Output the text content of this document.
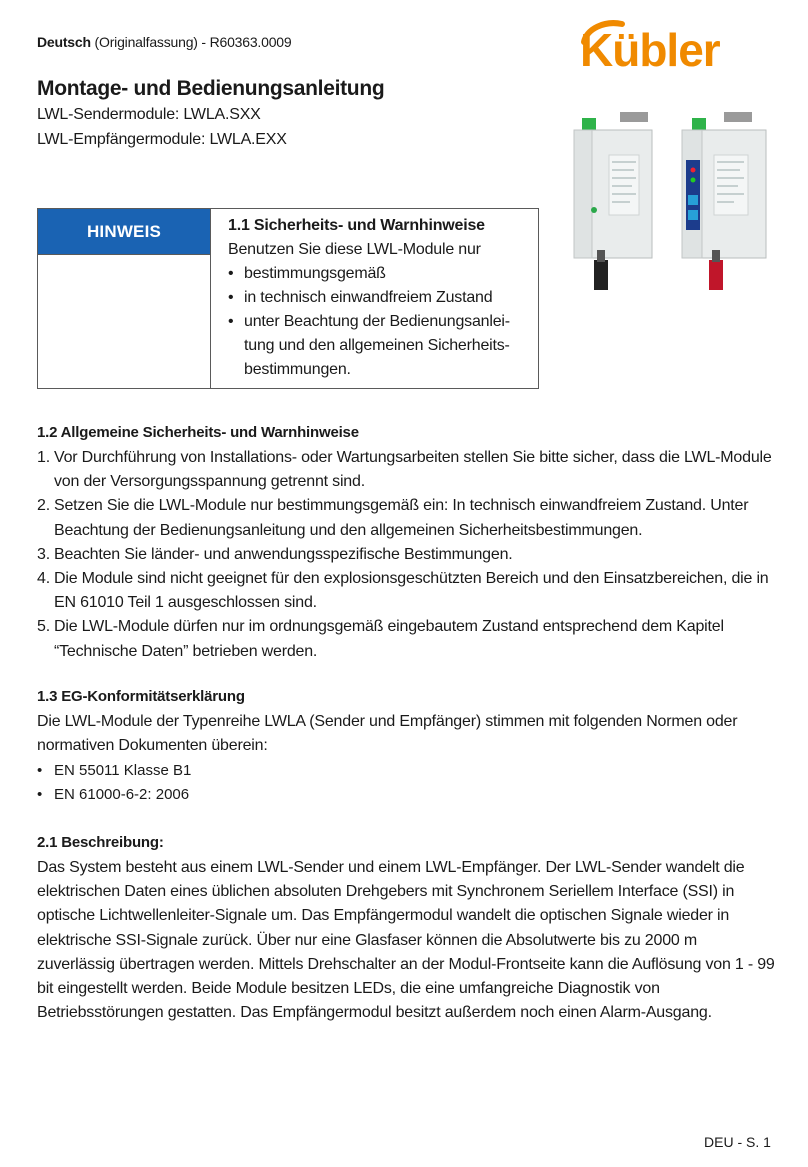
Deutsch (Originalfassung) - R60363.0009	Kübler
Montage- und Bedienungsanleitung
LWL-Sendermodule: LWLA.SXX
LWL-Empfängermodule: LWLA.EXX
HINWEIS	1.1 Sicherheits- und Warnhinweise
Benutzen Sie diese LWL-Module nur
• bestimmungsgemäß
• in technisch einwandfreiem Zustand
• unter Beachtung der Bedienungsanlei-tung und den allgemeinen Sicherheits-bestimmungen.
1.2 Allgemeine Sicherheits- und Warnhinweise
1. Vor Durchführung von Installations- oder Wartungsarbeiten stellen Sie bitte sicher, dass die LWL-Module von der Versorgungsspannung getrennt sind.
2. Setzen Sie die LWL-Module nur bestimmungsgemäß ein: In technisch einwandfreiem Zustand. Unter Beachtung der Bedienungsanleitung und den allgemeinen Sicherheitsbestimmungen.
3. Beachten Sie länder- und anwendungsspezifische Bestimmungen.
4. Die Module sind nicht geeignet für den explosionsgeschützten Bereich und den Einsatzbereichen, die in EN 61010 Teil 1 ausgeschlossen sind.
5. Die LWL-Module dürfen nur im ordnungsgemäß eingebautem Zustand entsprechend dem Kapitel “Technische Daten” betrieben werden.
1.3 EG-Konformitätserklärung
Die LWL-Module der Typenreihe LWLA (Sender und Empfänger) stimmen mit folgenden Normen oder normativen Dokumenten überein:
• EN 55011 Klasse B1
• EN 61000-6-2: 2006
2.1 Beschreibung:
Das System besteht aus einem LWL-Sender und einem LWL-Empfänger. Der LWL-Sender wandelt die elektrischen Daten eines üblichen absoluten Drehgebers mit Synchronem Seriellem Interface (SSI) in optische Lichtwellenleiter-Signale um. Das Empfängermodul wandelt die optischen Signale wieder in elektrische SSI-Signale zurück. Über nur eine Glasfaser können die Absolutwerte bis zu 2000 m zuverlässig übertragen werden. Mittels Drehschalter an der Modul-Frontseite kann die Auflösung von 1 - 99 bit eingestellt werden. Beide Module besitzen LEDs, die eine umfangreiche Diagnostik von Betriebsstörungen gestatten. Das Empfängermodul besitzt außerdem noch einen Alarm-Ausgang.
DEU - S. 1
